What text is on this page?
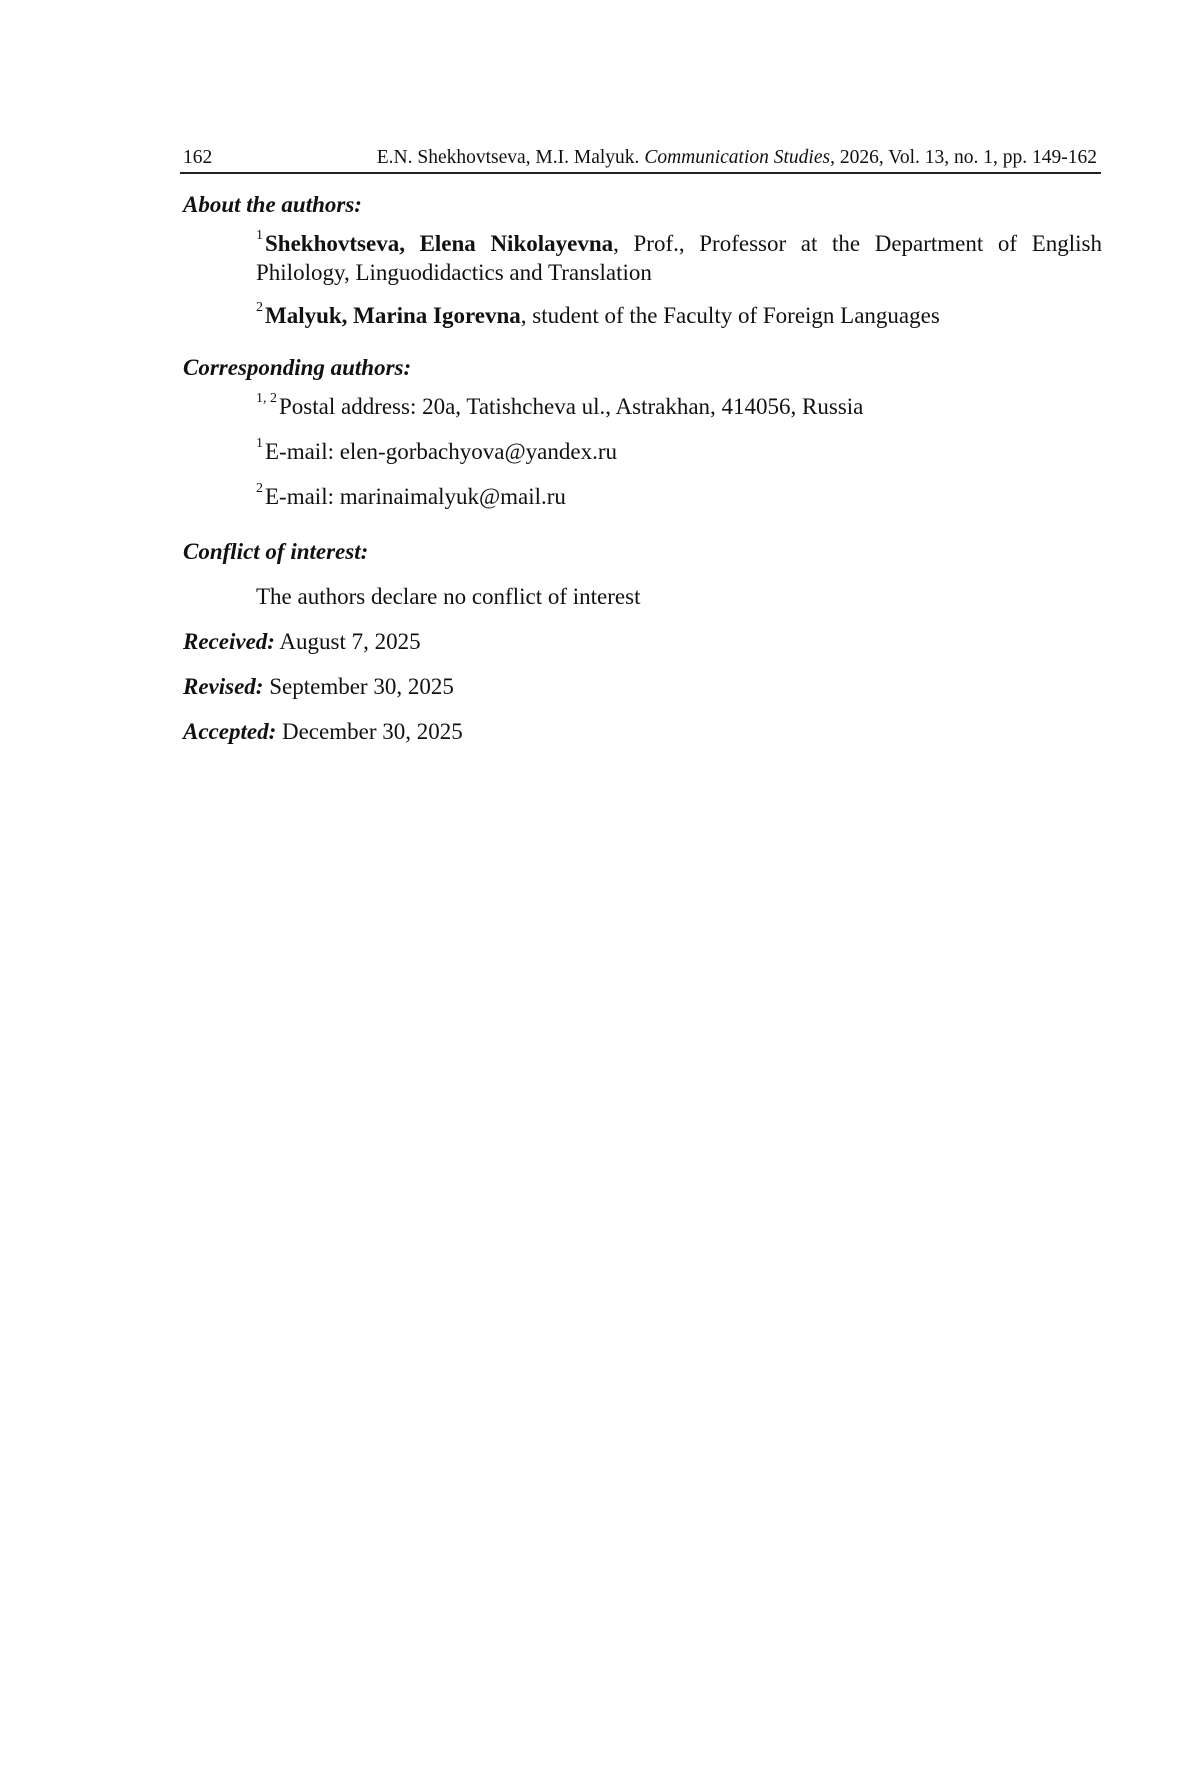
162	E.N. Shekhovtseva, M.I. Malyuk. Communication Studies, 2026, Vol. 13, no. 1, pp. 149-162
About the authors:
$^1$Shekhovtseva, Elena Nikolayevna, Prof., Professor at the Department of English Philology, Linguodidactics and Translation
$^2$Malyuk, Marina Igorevna, student of the Faculty of Foreign Languages
Corresponding authors:
$^{1, 2}$Postal address: 20a, Tatishcheva ul., Astrakhan, 414056, Russia
$^1$E-mail: elen-gorbachyova@yandex.ru
$^2$E-mail: marinaimalyuk@mail.ru
Conflict of interest:
The authors declare no conflict of interest
Received: August 7, 2025
Revised: September 30, 2025
Accepted: December 30, 2025
